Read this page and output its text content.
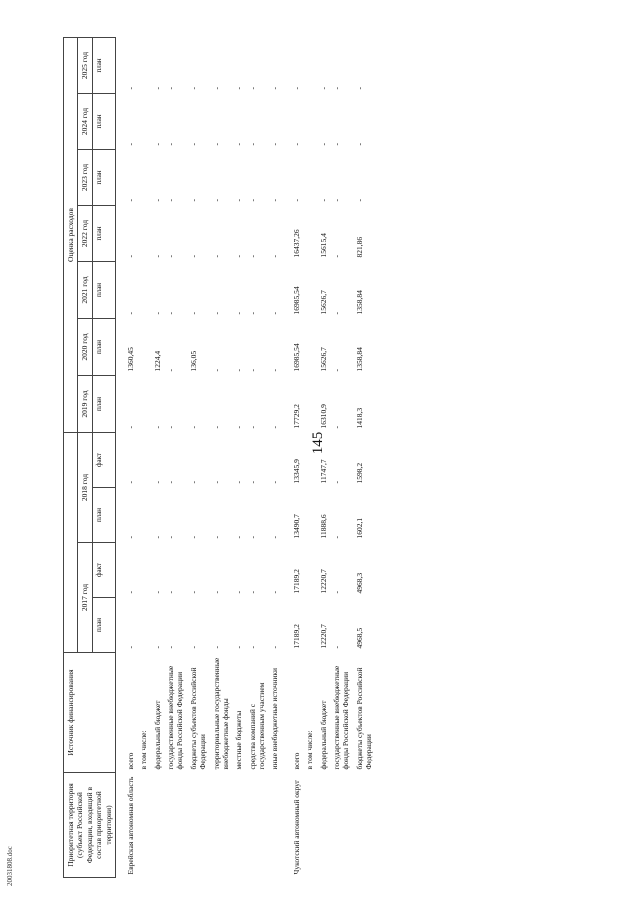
145
20031808.doc	Приоритетная территория (субъект Российской Федерации, входящий в состав приоритетной территории)	Источник финансирования					Оценка расходов						
		2017 год		2018 год		2019 год	2020 год	2021 год	2022 год	2023 год	2024 год	2025 год
		план	факт	план	факт	план	план	план	план	план	план	план

Еврейская автономная область	всего	-	-	-	-	-	1360,45	-	-	-	-	-
	в том числе:											
	федеральный бюджет	-	-	-	-	-	1224,4	-	-	-	-	-
	государственные внебюджетные фонды Российской Федерации	-	-	-	-	-	-	-	-	-	-	-
	бюджеты субъектов Российской Федерации	-	-	-	-	-	136,05	-	-	-	-	-
	территориальные государственные внебюджетные фонды	-	-	-	-	-	-	-	-	-	-	-
	местные бюджеты	-	-	-	-	-	-	-	-	-	-	-
	средства компаний с государственным участием	-	-	-	-	-	-	-	-	-	-	-
	иные внебюджетные источники	-	-	-	-	-	-	-	-	-	-	-
Чукотский автономный округ	всего	17189,2	17189,2	13490,7	13345,9	17729,2	16985,54	16985,54	16437,26	-	-	-
	в том числе:											
	федеральный бюджет	12220,7	12220,7	11888,6	11747,7	16310,9	15626,7	15626,7	15615,4	-	-	-
	государственные внебюджетные фонды Российской Федерации	-	-	-	-	-	-	-	-	-	-	-
	бюджеты субъектов Российской Федерации	4968,5	4968,3	1602,1	1598,2	1418,3	1358,84	1358,84	821,86	-	-	-
